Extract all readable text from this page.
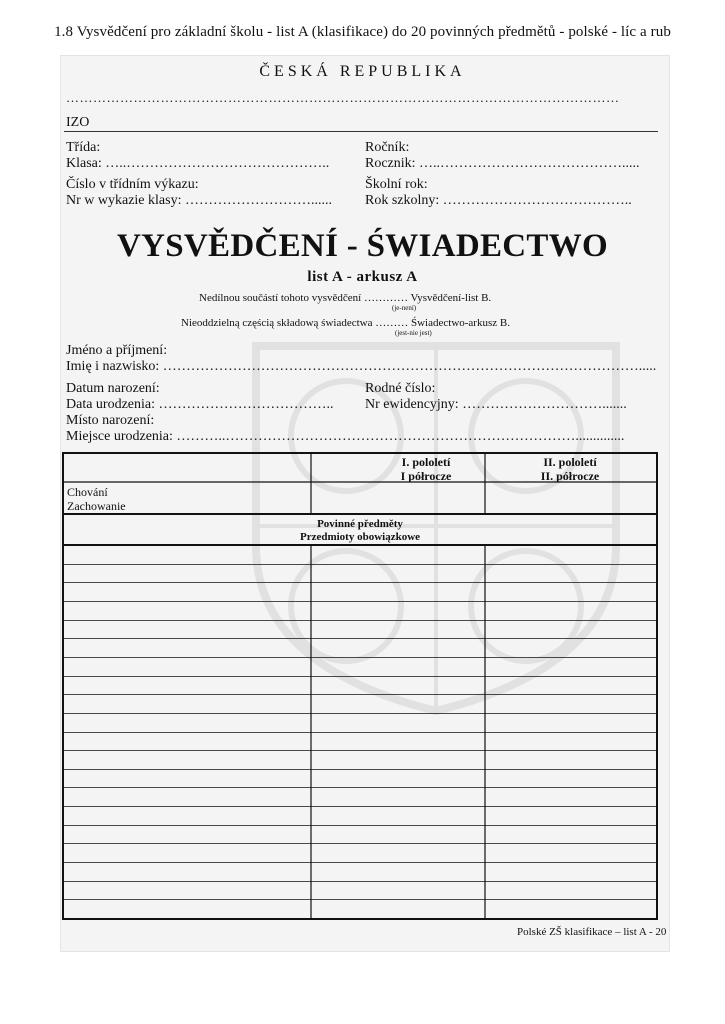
1.8 Vysvědčení pro základní školu - list A (klasifikace) do 20 povinných předmětů - polské - líc a rub
ČESKÁ REPUBLIKA
……………………………………………………………………………………………………………
IZO
Třída:
Klasa: …..……………………………………..
Číslo v třídním výkazu:
Nr w wykazie klasy: ………………………......
Ročník:
Rocznik: …..………………………………….....
Školní rok:
Rok szkolny: …………………………………..
VYSVĚDČENÍ - ŚWIADECTWO
list A - arkusz A
Nedílnou součástí tohoto vysvědčení ………… Vysvědčení-list B.
(je-není)
Nieoddzielną częścią składową świadectwa ……… Świadectwo-arkusz B.
(jest-nie jest)
Jméno a příjmení:
Imię i nazwisko: ………………………………………………………………………………………….....
Datum narození:
Data urodzenia: ………………………………..
Rodné číslo:
Nr ewidencyjny: ………………………….......
Místo narození:
Miejsce urodzenia: ………..…………………………………………………………………..............
I. pololetí
I półrocze
II. pololetí
II. półrocze
Chování
Zachowanie
Povinné předměty
Przedmioty obowiązkowe
Polské ZŠ klasifikace – list A - 20
